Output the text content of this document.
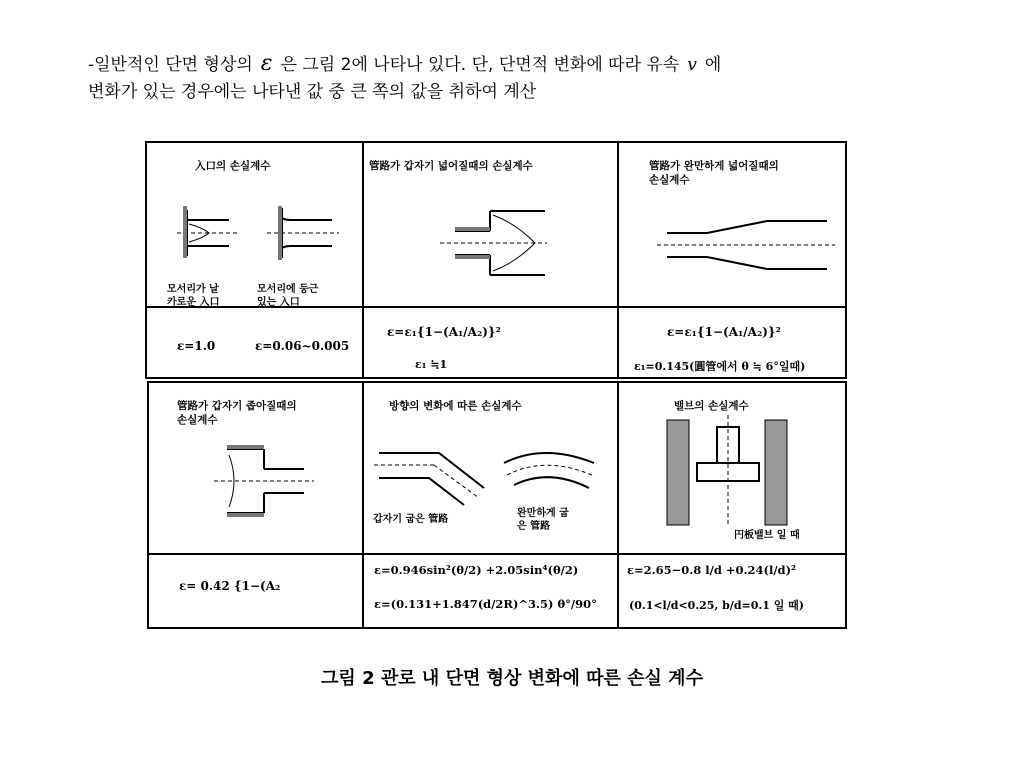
-일반적인 단면 형상의 ε 은 그림 2에 나타나 있다. 단, 단면적 변화에 따라 유속 v 에
변화가 있는 경우에는 나타낸 값 중 큰 쪽의 값을 취하여 계산
入口의 손실계수
모서리가 날
카로운 入口
모서리에 둥근
있는 入口
ε=1.0	ε=0.06~0.005
管路가 갑자기 넓어질때의 손실계수
ε=ε₁{1−(A₁/A₂)}²
ε₁ ≒1
管路가 완만하게 넓어질때의
손실계수
ε=ε₁{1−(A₁/A₂)}²
ε₁=0.145(圓管에서 θ ≒ 6°일때)
管路가 갑자기 좁아질때의
손실계수
ε= 0.42 {1−(A₂
방향의 변화에 따른 손실계수
갑자기 굽은 管路
완만하게 굽
은 管路
ε=0.946sin²(θ/2) +2.05sin⁴(θ/2)
ε=(0.131+1.847(d/2R)^3.5) θ°/90°
밸브의 손실계수
円板밸브 일 때
ε=2.65−0.8 l/d +0.24(l/d)²
(0.1<l/d<0.25, b/d=0.1 일 때)
그림 2 관로 내 단면 형상 변화에 따른 손실 계수
